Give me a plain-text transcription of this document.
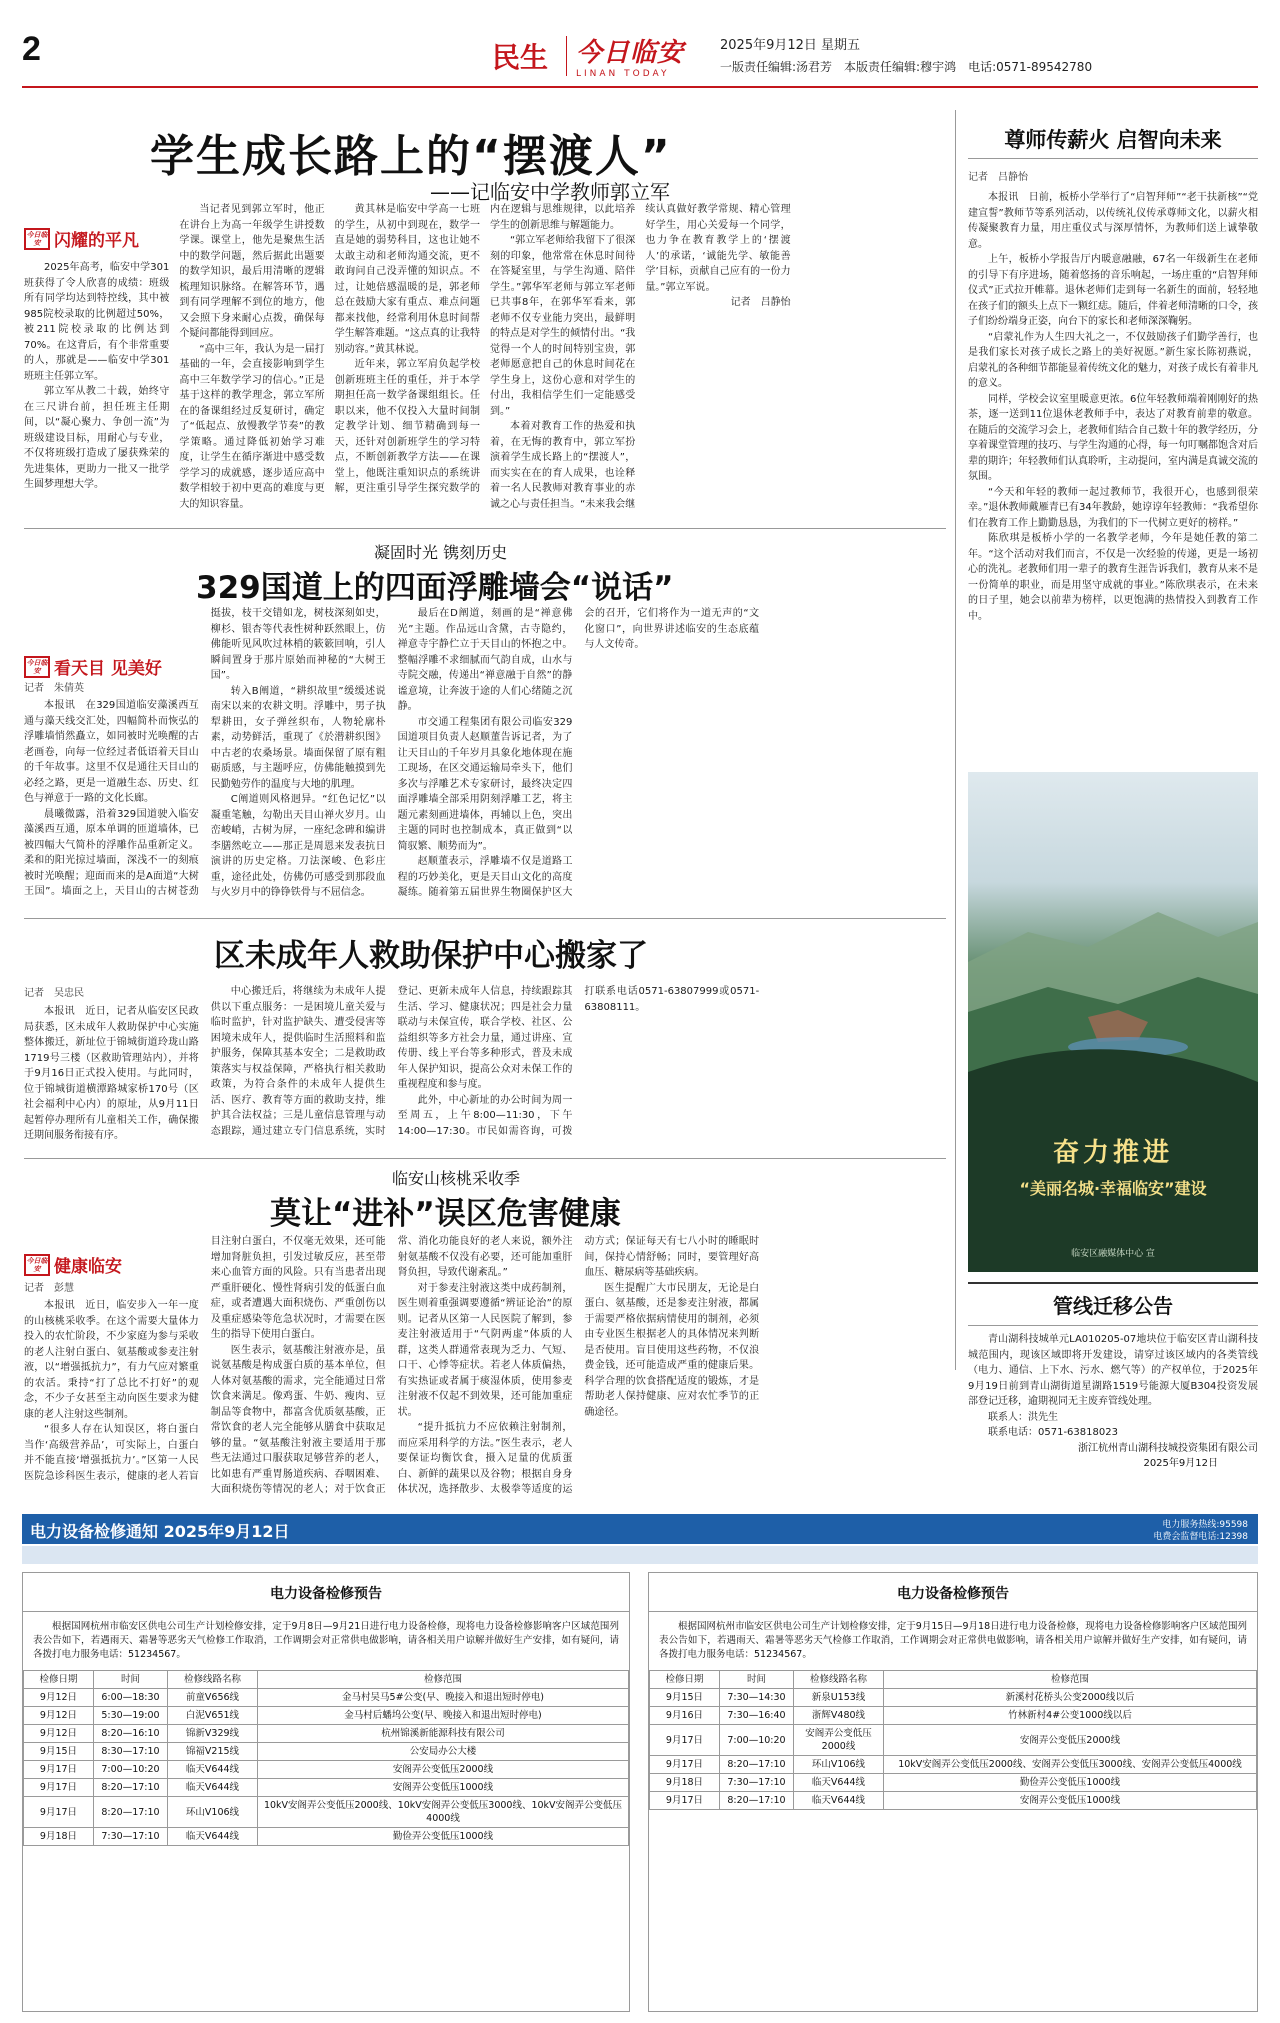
2	民生 今日临安
LINAN TODAY
2025年9月12日 星期五
一版责任编辑:汤君芳　本版责任编辑:穆宇鸿　电话:0571-89542780
学生成长路上的“摆渡人”
——记临安中学教师郭立军
今日临安 闪耀的平凡

2025年高考，临安中学301班获得了令人欣喜的成绩：班级所有同学均达到特控线，其中被985院校录取的比例超过50%，被211院校录取的比例达到70%。在这背后，有个非常重要的人，那就是——临安中学301班班主任郭立军。

郭立军从教二十载，始终守在三尺讲台前，担任班主任期间，以“凝心聚力、争创一流”为班级建设目标，用耐心与专业，不仅将班级打造成了屡获殊荣的先进集体，更助力一批又一批学生圆梦理想大学。

当记者见到郭立军时，他正在讲台上为高一年级学生讲授数学课。课堂上，他先是聚焦生活中的数学问题，然后据此出题要的数学知识，最后用清晰的逻辑梳理知识脉络。在解答环节，遇到有同学理解不到位的地方，他又会照下身来耐心点拨，确保每个疑问都能得到回应。

“高中三年，我认为是一届打基础的一年，会直接影响到学生高中三年数学学习的信心。”正是基于这样的教学理念，郭立军所在的备课组经过反复研讨，确定了“低起点、放慢教学节奏”的教学策略。通过降低初始学习难度，让学生在循序渐进中感受数学学习的成就感，逐步适应高中数学相较于初中更高的难度与更大的知识容量。

黄其林是临安中学高一七班的学生，从初中到现在，数学一直是她的弱势科目，这也让她不太敢主动和老师沟通交流，更不敢询问自己没弄懂的知识点。不过，让她倍感温暖的是，郭老师总在鼓励大家有重点、难点问题都来找他，经常利用休息时间帮学生解答难题。“这点真的让我特别动容。”黄其林说。

近年来，郭立军肩负起学校创新班班主任的重任，并于本学期担任高一数学备课组组长。任职以来，他不仅投入大量时间制定教学计划、细节精确到每一天，还针对创新班学生的学习特点，不断创新教学方法——在课堂上，他既注重知识点的系统讲解，更注重引导学生探究数学的内在逻辑与思维规律，以此培养学生的创新思维与解题能力。

“郭立军老师给我留下了很深刻的印象，他常常在休息时间待在答疑室里，与学生沟通、陪伴学生。”郭华军老师与郭立军老师已共事8年，在郭华军看来，郭老师不仅专业能力突出，最鲜明的特点是对学生的倾情付出。“我觉得一个人的时间特别宝贵，郭老师愿意把自己的休息时间花在学生身上，这份心意和对学生的付出，我相信学生们一定能感受到。”

本着对教育工作的热爱和执着，在无悔的教育中，郭立军扮演着学生成长路上的“摆渡人”，而实实在在的育人成果，也诠释着一名人民教师对教育事业的赤诚之心与责任担当。“未来我会继续认真做好教学常规、精心管理好学生，用心关爱每一个同学，也力争在教育教学上的‘摆渡人’的承诺，‘诚能先学、敏能善学’目标，贡献自己应有的一份力量。”郭立军说。

记者　吕静怡

尊师传薪火 启智向未来
记者　吕静怡

本报讯　日前，板桥小学举行了“启智拜师”“老干扶新核”“党建宣誓”教师节等系列活动，以传统礼仪传承尊师文化，以薪火相传凝聚教育力量，用庄重仪式与深厚情怀，为教师们送上诚挚敬意。

上午，板桥小学报告厅内暖意融融，67名一年级新生在老师的引导下有序进场，随着悠扬的音乐响起，一场庄重的“启智拜师仪式”正式拉开帷幕。退休老师们走到每一名新生的面前，轻轻地在孩子们的额头上点下一颗红痣。随后，伴着老师清晰的口令，孩子们纷纷端身正姿，向台下的家长和老师深深鞠躬。

“启蒙礼作为人生四大礼之一，不仅鼓励孩子们勤学善行，也是我们家长对孩子成长之路上的美好祝愿。”新生家长陈初燕说，启蒙礼的各种细节都能显着传统文化的魅力，对孩子成长有着非凡的意义。

同样，学校会议室里暖意更浓。6位年轻教师端着刚刚好的热茶，逐一送到11位退休老教师手中，表达了对教育前辈的敬意。在随后的交流学习会上，老教师们结合自己数十年的教学经历，分享着课堂管理的技巧、与学生沟通的心得，每一句叮嘱都饱含对后辈的期许；年轻教师们认真聆听，主动提问，室内满是真诚交流的氛围。

“今天和年轻的教师一起过教师节，我很开心，也感到很荣幸。”退休教师戴雁青已有34年教龄，她谆谆年轻教师：“我希望你们在教育工作上勤勤恳恳，为我们的下一代树立更好的榜样。”

陈欣琪是板桥小学的一名教学老师，今年是她任教的第二年。“这个活动对我们而言，不仅是一次经验的传递，更是一场初心的洗礼。老教师们用一辈子的教育生涯告诉我们，教育从来不是一份简单的职业，而是用坚守成就的事业。”陈欣琪表示，在未来的日子里，她会以前辈为榜样，以更饱满的热情投入到教育工作中。

奋力推进
“美丽名城·幸福临安”建设
临安区融媒体中心 宣
凝固时光 镌刻历史
329国道上的四面浮雕墙会“说话”
今日临安 看天目 见美好

记者　朱倩英

本报讯　在329国道临安藻溪西互通与藻天线交汇处，四幅简朴而恢弘的浮雕墙悄然矗立，如同被时光唤醒的古老画卷，向每一位经过者低语着天目山的千年故事。这里不仅是通往天目山的必经之路，更是一道融生态、历史、红色与禅意于一路的文化长廊。

晨曦微露，沿着329国道驶入临安藻溪西互通，原本单调的匝道墙体，已被四幅大气简朴的浮雕作品重新定义。柔和的阳光掠过墙面，深浅不一的刻痕被时光唤醒；迎面而来的是A面道“大树王国”。墙面之上，天目山的古树苍劲挺拔，枝干交错如龙，树枝深刻如史，柳杉、银杏等代表性树种跃然眼上，仿佛能听见风吹过林梢的簌簌回响，引人瞬间置身于那片原始而神秘的“大树王国”。

转入B阐道，“耕织故里”缓缓述说南宋以来的农耕文明。浮雕中，男子执犁耕田，女子弹丝织布，人物轮廓朴素，动势鲜活，重现了《於潜耕织图》中古老的农桑场景。墙面保留了原有粗砺质感，与主题呼应，仿佛能触摸到先民勤勉劳作的温度与大地的肌理。

C阐道则风格迥异。“红色记忆”以凝重笔触，勾勒出天目山禅火岁月。山峦峻峭，古树为屏，一座纪念碑和编讲李膳然屹立——那正是周恩来发表抗日演讲的历史定格。刀法深峻、色彩庄重，途径此处，仿佛仍可感受到那段血与火岁月中的铮铮铁骨与不屈信念。

最后在D阐道，刻画的是“禅意佛光”主题。作品远山含黛，古寺隐约，禅意寺宇静伫立于天目山的怀抱之中。整幅浮雕不求细腻而气韵自成，山水与寺院交融，传递出“禅意融于自然”的静谧意境，让奔波于途的人们心绪随之沉静。

市交通工程集团有限公司临安329国道项目负责人赵顺董告诉记者，为了让天目山的千年岁月具象化地体现在施工现场，在区交通运输局牵头下，他们多次与浮雕艺术专家研讨，最终决定四面浮雕墙全部采用阴刻浮雕工艺，将主题元素刻画进墙体，再辅以上色，突出主题的同时也控制成本，真正做到“以简驭繁、顺势而为”。

赵顺董表示，浮雕墙不仅是道路工程的巧妙美化，更是天目山文化的高度凝练。随着第五届世界生物圈保护区大会的召开，它们将作为一道无声的“文化窗口”，向世界讲述临安的生态底蕴与人文传奇。

区未成年人救助保护中心搬家了

记者　吴忠民

本报讯　近日，记者从临安区民政局获悉，区未成年人救助保护中心实施整体搬迁，新址位于锦城街道玲珑山路1719号三楼（区救助管理站内），并将于9月16日正式投入使用。与此同时，位于锦城街道横潭路城家桥170号（区社会福利中心内）的原址，从9月11日起暂停办理所有儿童相关工作，确保搬迁期间服务衔接有序。

中心搬迁后，将继续为未成年人提供以下重点服务：一是困境儿童关爱与临时监护，针对监护缺失、遭受侵害等困境未成年人，提供临时生活照料和监护服务，保障其基本安全；二是救助政策落实与权益保障，严格执行相关救助政策，为符合条件的未成年人提供生活、医疗、教育等方面的救助支持，维护其合法权益；三是儿童信息管理与动态跟踪，通过建立专门信息系统，实时登记、更新未成年人信息，持续跟踪其生活、学习、健康状况；四是社会力量联动与未保宣传，联合学校、社区、公益组织等多方社会力量，通过讲座、宣传册、线上平台等多种形式，普及未成年人保护知识，提高公众对未保工作的重视程度和参与度。

此外，中心新址的办公时间为周一至周五，上午8:00—11:30，下午14:00—17:30。市民如需咨询，可拨打联系电话0571-63807999或0571-63808111。

临安山核桃采收季
莫让“进补”误区危害健康
今日临安 健康临安

记者　彭慧

本报讯　近日，临安步入一年一度的山核桃采收季。在这个需要大量体力投入的农忙阶段，不少家庭为参与采收的老人注射白蛋白、氨基酸或参麦注射液，以“增强抵抗力”，有力气应对繁重的农活。秉持“打了总比不打好”的观念，不少子女甚至主动向医生要求为健康的老人注射这些制剂。

“很多人存在认知误区，将白蛋白当作‘高级营养品’，可实际上，白蛋白并不能直接‘增强抵抗力’。”区第一人民医院急诊科医生表示，健康的老人若盲目注射白蛋白，不仅毫无效果，还可能增加肾脏负担，引发过敏反应，甚至带来心血管方面的风险。只有当患者出现严重肝硬化、慢性肾病引发的低蛋白血症，或者遭遇大面积烧伤、严重创伤以及重症感染等危急状况时，才需要在医生的指导下使用白蛋白。

医生表示，氨基酸注射液亦是，虽说氨基酸是构成蛋白质的基本单位，但人体对氨基酸的需求，完全能通过日常饮食来满足。像鸡蛋、牛奶、瘦肉、豆制品等食物中，都富含优质氨基酸，正常饮食的老人完全能够从膳食中获取足够的量。“氨基酸注射液主要适用于那些无法通过口服获取足够营养的老人，比如患有严重胃肠道疾病、吞咽困难、大面积烧伤等情况的老人；对于饮食正常、消化功能良好的老人来说，额外注射氨基酸不仅没有必要，还可能加重肝肾负担，导致代谢紊乱。”

对于参麦注射液这类中成药制剂，医生则着重强调要遵循“辨证论治”的原则。记者从区第一人民医院了解到，参麦注射液适用于“气阴两虚”体质的人群，这类人群通常表现为乏力、气短、口干、心悸等症状。若老人体质偏热，有实热证或者属于痰湿体质，使用参麦注射液不仅起不到效果，还可能加重症状。

“提升抵抗力不应依赖注射制剂，而应采用科学的方法。”医生表示，老人要保证均衡饮食，摄入足量的优质蛋白、新鲜的蔬果以及谷物；根据自身身体状况，选择散步、太极拳等适度的运动方式；保证每天有七八小时的睡眠时间，保持心情舒畅；同时，要管理好高血压、糖尿病等基础疾病。

医生提醒广大市民朋友，无论是白蛋白、氨基酸，还是参麦注射液，都属于需要严格依据病情使用的制剂，必须由专业医生根据老人的具体情况来判断是否使用。盲目使用这些药物，不仅浪费金钱，还可能造成严重的健康后果。科学合理的饮食搭配适度的锻炼，才是帮助老人保持健康、应对农忙季节的正确途径。

管线迁移公告

青山湖科技城单元LA010205-07地块位于临安区青山湖科技城范围内，现该区域即将开发建设，请穿过该区域内的各类管线（电力、通信、上下水、污水、燃气等）的产权单位，于2025年9月19日前到青山湖街道星湖路1519号能源大厦B304投资发展部登记迁移，逾期视同无主废弃管线处理。

联系人：洪先生

联系电话：0571-63818023

浙江杭州青山湖科技城投资集团有限公司

2025年9月12日

电力设备检修通知 2025年9月12日	电力服务热线:95598
电费会监督电话:12398
电力设备检修预告

根据国网杭州市临安区供电公司生产计划检修安排，定于9月8日—9月21日进行电力设备检修，现将电力设备检修影响客户区域范围列表公告如下，若遇雨天、霜暑等恶劣天气检修工作取消，工作调期会对正常供电做影响，请各相关用户谅解并做好生产安排，如有疑问，请各拨打电力服务电话：51234567。

检修日期	时间	检修线路名称	检修范围
9月12日	6:00—18:30	前童V656线	金马村吴马5#公变(早、晚接入和退出短时停电)
9月12日	5:30—19:00	白泥V651线	金马村后蟠坞公变(早、晚接入和退出短时停电)
9月12日	8:20—16:10	锦新V329线	杭州锦溪新能源科技有限公司
9月15日	8:30—17:10	锦福V215线	公安局办公大楼
9月17日	7:00—10:20	临天V644线	安阁弄公变低压2000线
9月17日	8:20—17:10	临天V644线	安阁弄公变低压1000线
9月17日	8:20—17:10	环山V106线	10kV安阁弄公变低压2000线、10kV安阁弄公变低压3000线、10kV安阁弄公变低压4000线
9月18日	7:30—17:10	临天V644线	勤俭弄公变低压1000线
电力设备检修预告

根据国网杭州市临安区供电公司生产计划检修安排，定于9月15日—9月18日进行电力设备检修，现将电力设备检修影响客户区域范围列表公告如下，若遇雨天、霜暑等恶劣天气检修工作取消，工作调期会对正常供电做影响，请各相关用户谅解并做好生产安排，如有疑问，请各拨打电力服务电话：51234567。

检修日期	时间	检修线路名称	检修范围
9月15日	7:30—14:30	新泉U153线	新溪村花桥头公变2000线以后
9月16日	7:30—16:40	浙辉V480线	竹林新村4#公变1000线以后
9月17日	7:00—10:20	安阁弄公变低压2000线	安阁弄公变低压2000线
9月17日	8:20—17:10	环山V106线	10kV安阁弄公变低压2000线、安阁弄公变低压3000线、安阁弄公变低压4000线
9月18日	7:30—17:10	临天V644线	勤俭弄公变低压1000线
9月17日	8:20—17:10	临天V644线	安阁弄公变低压1000线
